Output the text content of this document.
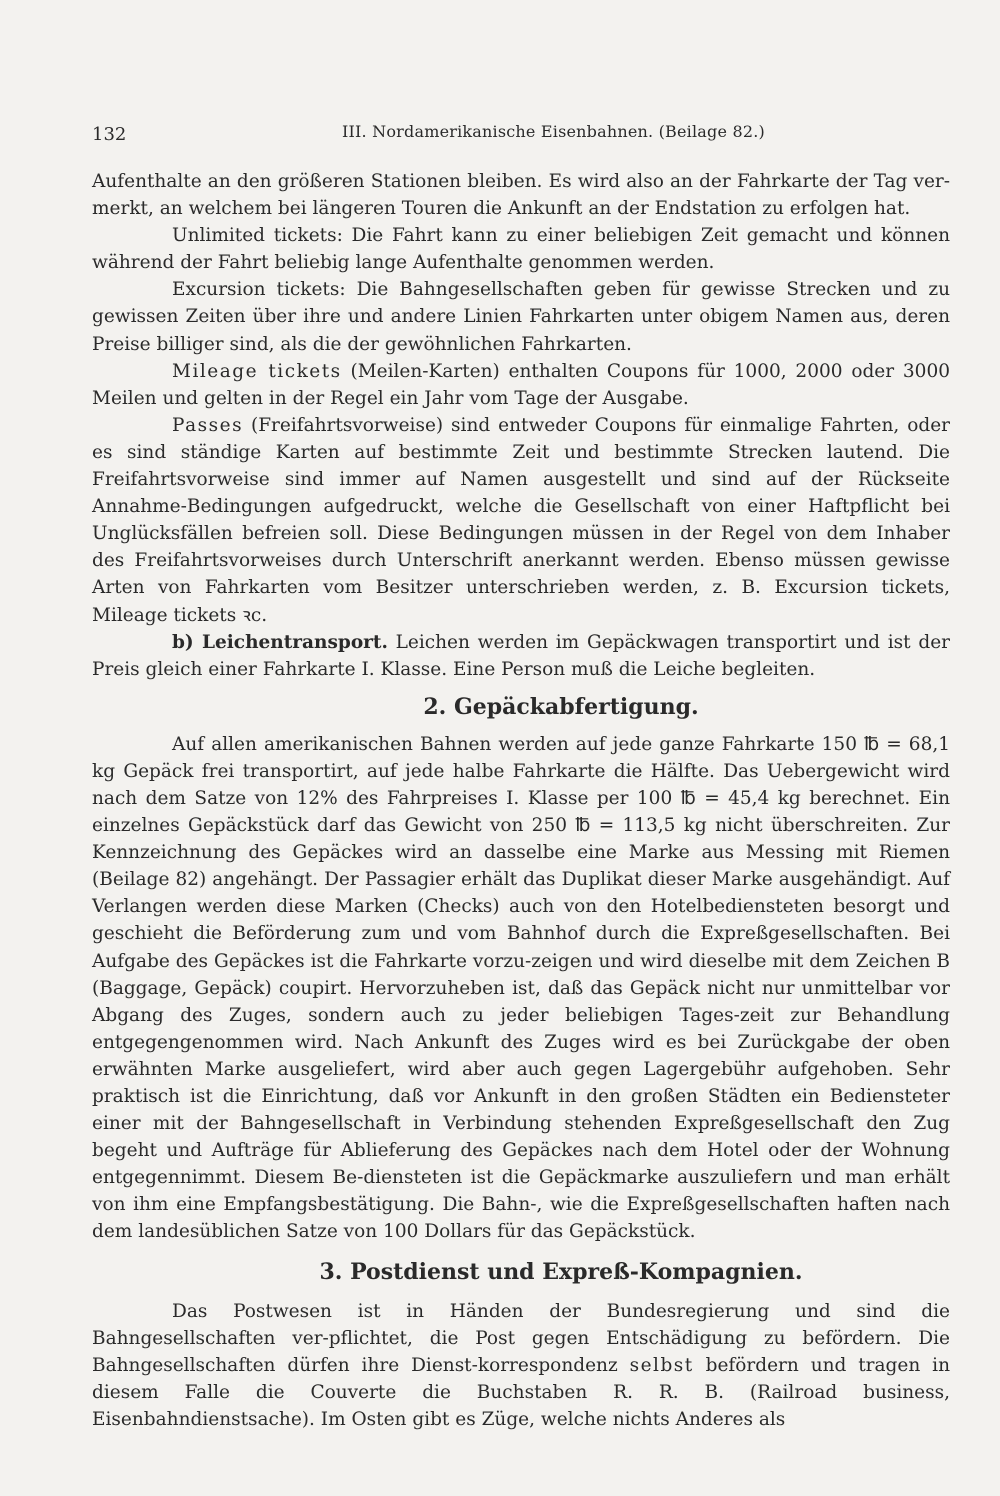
132	III. Nordamerikanische Eisenbahnen. (Beilage 82.)

Aufenthalte an den größeren Stationen bleiben. Es wird also an der Fahrkarte der Tag ver-merkt, an welchem bei längeren Touren die Ankunft an der Endstation zu erfolgen hat.

Unlimited tickets: Die Fahrt kann zu einer beliebigen Zeit gemacht und können während der Fahrt beliebig lange Aufenthalte genommen werden.

Excursion tickets: Die Bahngesellschaften geben für gewisse Strecken und zu gewissen Zeiten über ihre und andere Linien Fahrkarten unter obigem Namen aus, deren Preise billiger sind, als die der gewöhnlichen Fahrkarten.

Mileage tickets (Meilen-Karten) enthalten Coupons für 1000, 2000 oder 3000 Meilen und gelten in der Regel ein Jahr vom Tage der Ausgabe.

Passes (Freifahrtsvorweise) sind entweder Coupons für einmalige Fahrten, oder es sind ständige Karten auf bestimmte Zeit und bestimmte Strecken lautend. Die Freifahrtsvorweise sind immer auf Namen ausgestellt und sind auf der Rückseite Annahme-Bedingungen aufgedruckt, welche die Gesellschaft von einer Haftpflicht bei Unglücksfällen befreien soll. Diese Bedingungen müssen in der Regel von dem Inhaber des Freifahrtsvorweises durch Unterschrift anerkannt werden. Ebenso müssen gewisse Arten von Fahrkarten vom Besitzer unterschrieben werden, z. B. Excursion tickets, Mileage tickets ꝛc.

b) Leichentransport. Leichen werden im Gepäckwagen transportirt und ist der Preis gleich einer Fahrkarte I. Klasse. Eine Person muß die Leiche begleiten.

2. Gepäckabfertigung.

Auf allen amerikanischen Bahnen werden auf jede ganze Fahrkarte 150 ℔ = 68,1 kg Gepäck frei transportirt, auf jede halbe Fahrkarte die Hälfte. Das Uebergewicht wird nach dem Satze von 12% des Fahrpreises I. Klasse per 100 ℔ = 45,4 kg berechnet. Ein einzelnes Gepäckstück darf das Gewicht von 250 ℔ = 113,5 kg nicht überschreiten. Zur Kennzeichnung des Gepäckes wird an dasselbe eine Marke aus Messing mit Riemen (Beilage 82) angehängt. Der Passagier erhält das Duplikat dieser Marke ausgehändigt. Auf Verlangen werden diese Marken (Checks) auch von den Hotelbediensteten besorgt und geschieht die Beförderung zum und vom Bahnhof durch die Expreßgesellschaften. Bei Aufgabe des Gepäckes ist die Fahrkarte vorzu-zeigen und wird dieselbe mit dem Zeichen B (Baggage, Gepäck) coupirt. Hervorzuheben ist, daß das Gepäck nicht nur unmittelbar vor Abgang des Zuges, sondern auch zu jeder beliebigen Tages-zeit zur Behandlung entgegengenommen wird. Nach Ankunft des Zuges wird es bei Zurückgabe der oben erwähnten Marke ausgeliefert, wird aber auch gegen Lagergebühr aufgehoben. Sehr praktisch ist die Einrichtung, daß vor Ankunft in den großen Städten ein Bediensteter einer mit der Bahngesellschaft in Verbindung stehenden Expreßgesellschaft den Zug begeht und Aufträge für Ablieferung des Gepäckes nach dem Hotel oder der Wohnung entgegennimmt. Diesem Be-diensteten ist die Gepäckmarke auszuliefern und man erhält von ihm eine Empfangsbestätigung. Die Bahn-, wie die Expreßgesellschaften haften nach dem landesüblichen Satze von 100 Dollars für das Gepäckstück.

3. Postdienst und Expreß-Kompagnien.

Das Postwesen ist in Händen der Bundesregierung und sind die Bahngesellschaften ver-pflichtet, die Post gegen Entschädigung zu befördern. Die Bahngesellschaften dürfen ihre Dienst-korrespondenz selbst befördern und tragen in diesem Falle die Couverte die Buchstaben R. R. B. (Railroad business, Eisenbahndienstsache). Im Osten gibt es Züge, welche nichts Anderes als
